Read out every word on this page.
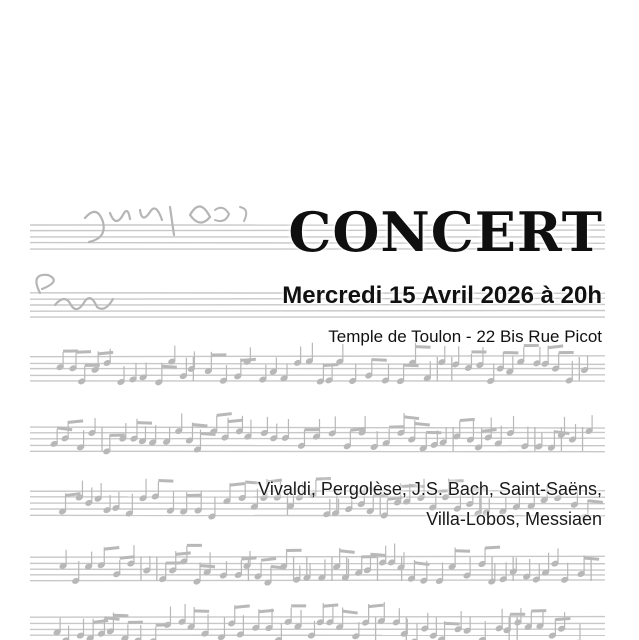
CONCERT
Mercredi 15 Avril 2026 à 20h
Temple de Toulon - 22 Bis Rue Picot
Vivaldi, Pergolèse, J.S. Bach, Saint-Saëns,
Villa-Lobos, Messiaen
